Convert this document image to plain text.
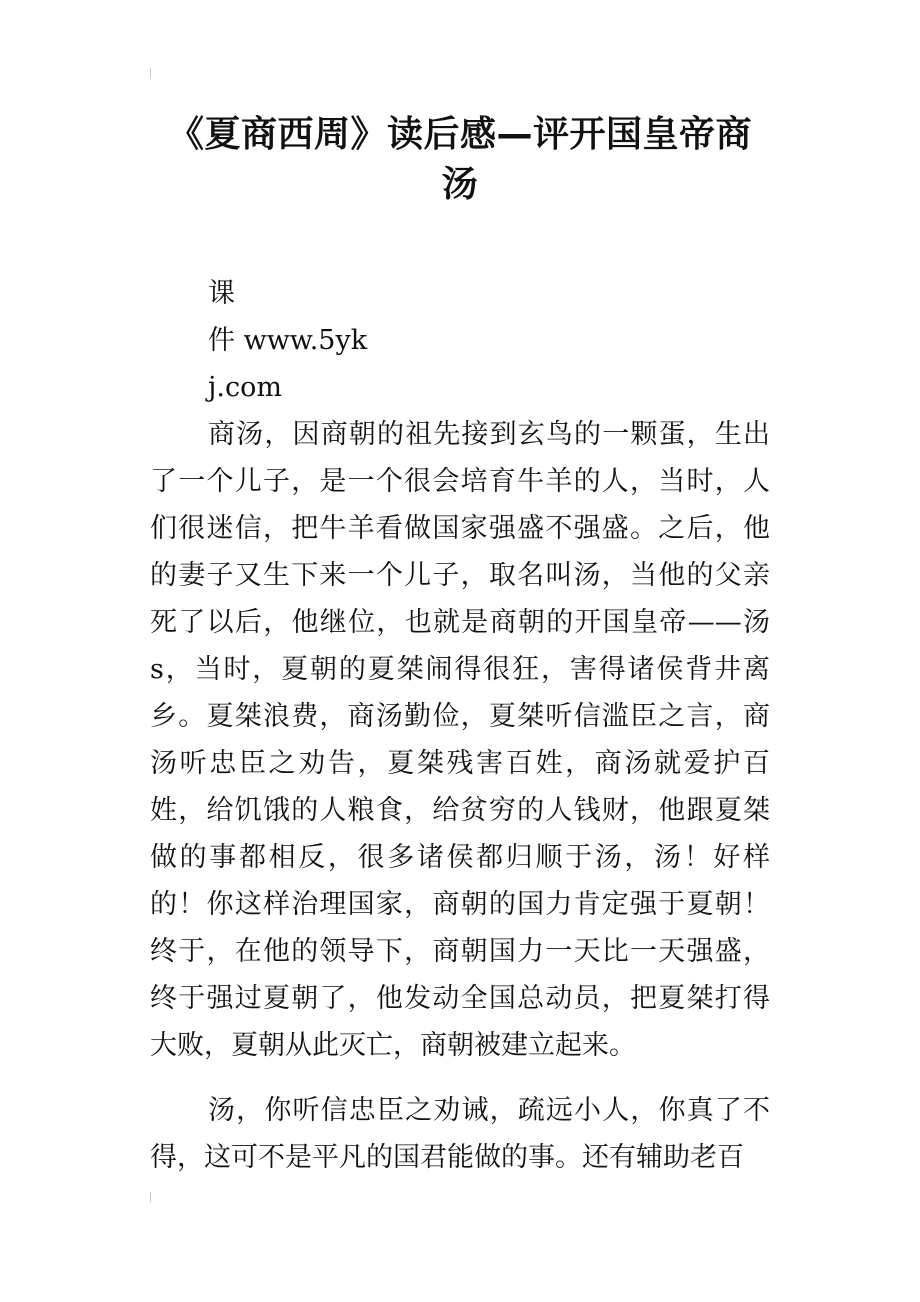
《夏商西周》读后感—评开国皇帝商汤

课

件 www.5yk

j.com

商汤，因商朝的祖先接到玄鸟的一颗蛋，生出了一个儿子，是一个很会培育牛羊的人，当时，人们很迷信，把牛羊看做国家强盛不强盛。之后，他的妻子又生下来一个儿子，取名叫汤，当他的父亲死了以后，他继位，也就是商朝的开国皇帝——汤s，当时，夏朝的夏桀闹得很狂，害得诸侯背井离乡。夏桀浪费，商汤勤俭，夏桀听信滥臣之言，商汤听忠臣之劝告，夏桀残害百姓，商汤就爱护百姓，给饥饿的人粮食，给贫穷的人钱财，他跟夏桀做的事都相反，很多诸侯都归顺于汤，汤！好样的！你这样治理国家，商朝的国力肯定强于夏朝！终于，在他的领导下，商朝国力一天比一天强盛，终于强过夏朝了，他发动全国总动员，把夏桀打得大败，夏朝从此灭亡，商朝被建立起来。

汤，你听信忠臣之劝诫，疏远小人，你真了不得，这可不是平凡的国君能做的事。还有辅助老百
